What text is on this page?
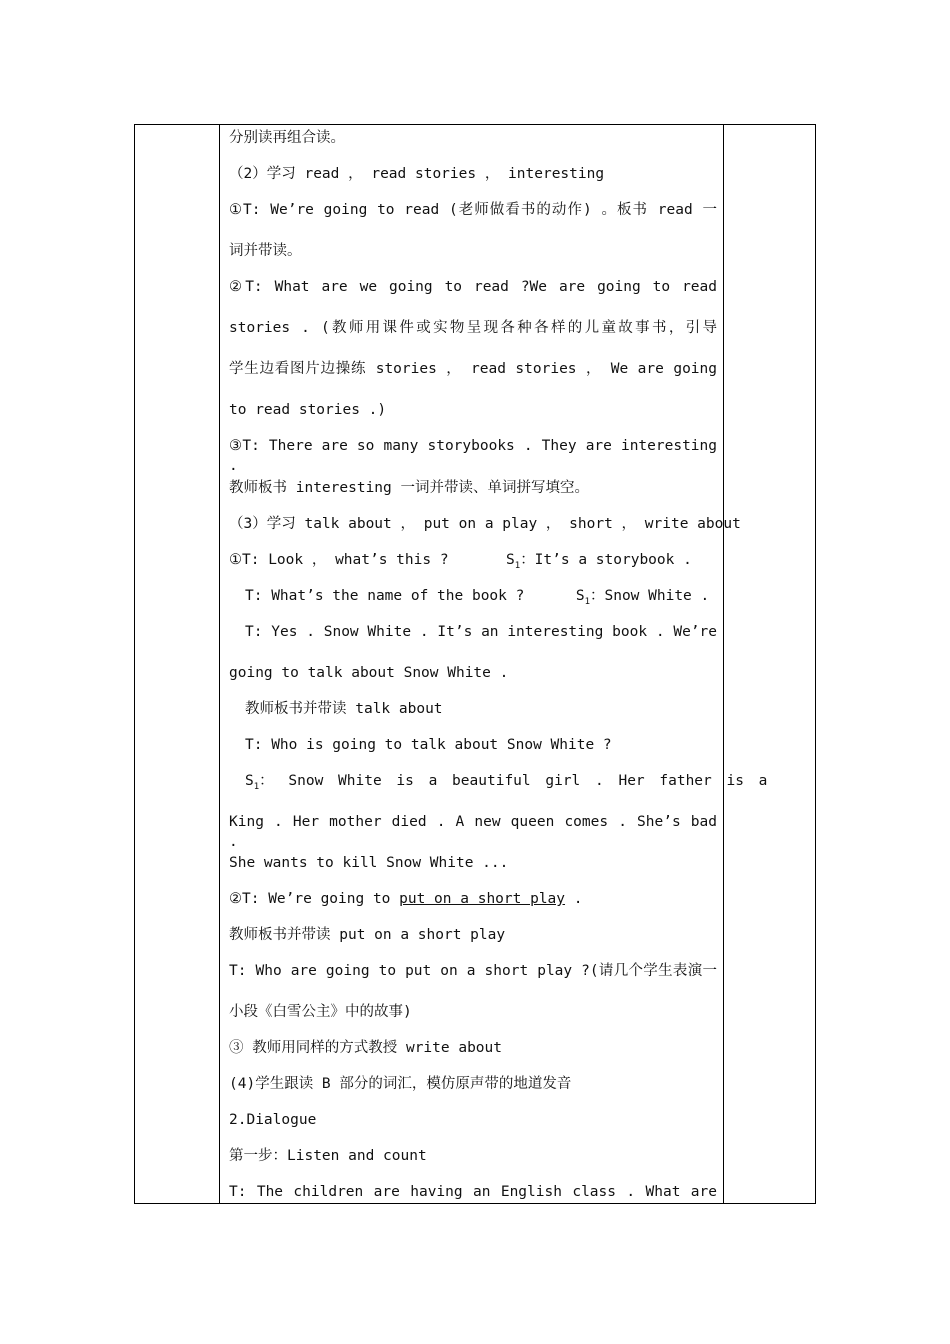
分别读再组合读。
（2）学习 read ， read stories ， interesting
①T: We’re going to read (老师做看书的动作) 。板书 read 一
词并带读。
②T: What are we going to read ?We are going to read
stories . (教师用课件或实物呈现各种各样的儿童故事书，引导
学生边看图片边操练 stories ， read stories ， We are going
to read stories .)
③T: There are so many storybooks . They are interesting .
教师板书 interesting 一词并带读、单词拼写填空。
（3）学习 talk about ， put on a play ， short ， write about
①T: Look ， what’s this ?	$S_1$：It’s a storybook .
T: What’s the name of the book ?	$S_1$：Snow White .
T: Yes . Snow White . It’s an interesting book . We’re
going to talk about Snow White .
教师板书并带读 talk about
T: Who is going to talk about Snow White ?
$S_1$： Snow White is a beautiful girl . Her father is a
King . Her mother died . A new queen comes . She’s bad .
She wants to kill Snow White ...
②T: We’re going to put on a short play .
教师板书并带读 put on a short play
T: Who are going to put on a short play ?(请几个学生表演一
小段《白雪公主》中的故事)
③ 教师用同样的方式教授 write about
(4)学生跟读 B 部分的词汇，模仿原声带的地道发音
2.Dialogue
第一步：Listen and count
T: The children are having an English class . What are
